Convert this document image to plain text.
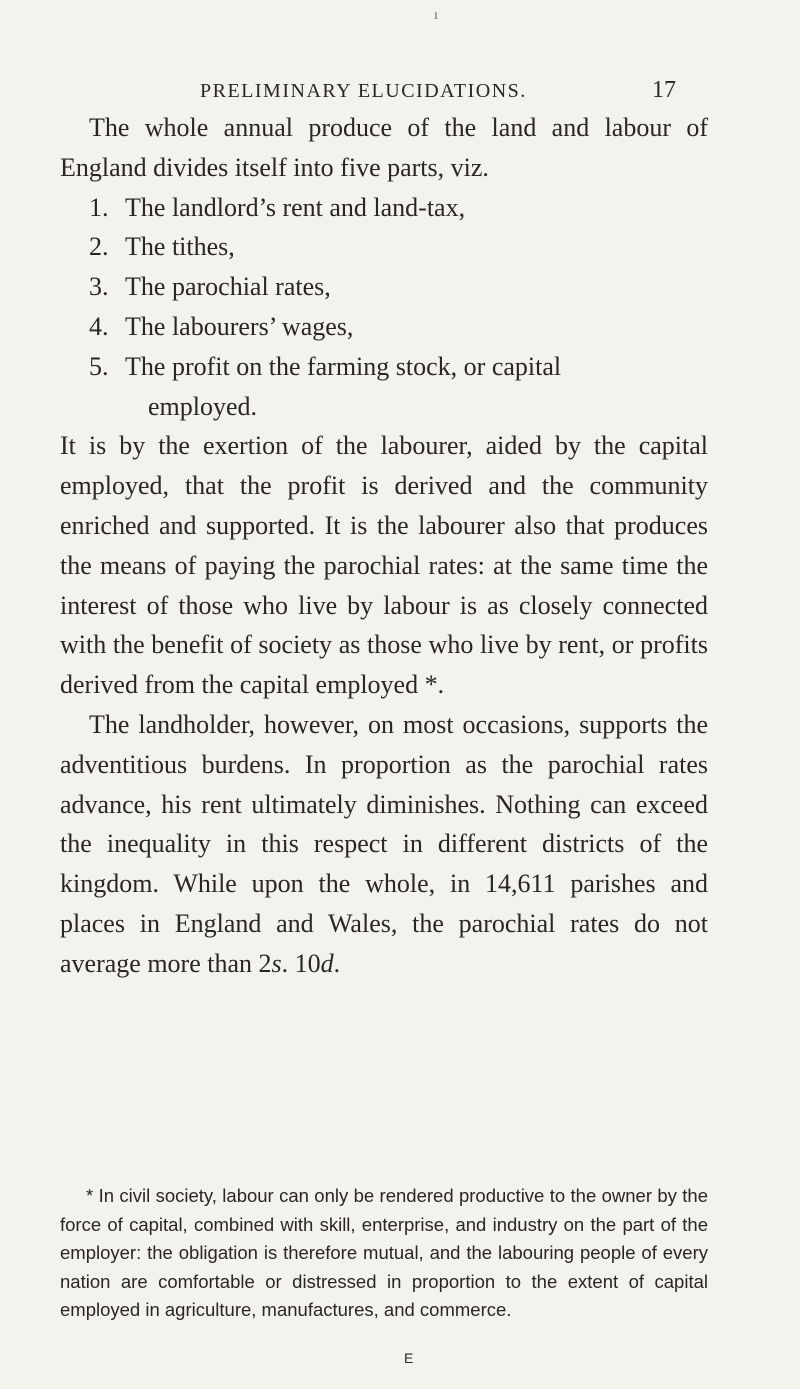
ı
PRELIMINARY ELUCIDATIONS.	17

The whole annual produce of the land and labour of England divides itself into five parts, viz.

1. The landlord’s rent and land-tax,

2. The tithes,

3. The parochial rates,

4. The labourers’ wages,

5. The profit on the farming stock, or capital

employed.

It is by the exertion of the labourer, aided by the capital employed, that the profit is derived and the community enriched and supported. It is the labourer also that produces the means of paying the parochial rates: at the same time the interest of those who live by labour is as closely connected with the benefit of society as those who live by rent, or profits derived from the capital employed *.

The landholder, however, on most occasions, supports the adventitious burdens. In proportion as the parochial rates advance, his rent ultimately diminishes. Nothing can exceed the inequality in this respect in different districts of the kingdom. While upon the whole, in 14,611 parishes and places in England and Wales, the parochial rates do not average more than 2s. 10d.

* In civil society, labour can only be rendered productive to the owner by the force of capital, combined with skill, enterprise, and industry on the part of the employer: the obligation is therefore mutual, and the labouring people of every nation are comfortable or distressed in proportion to the extent of capital employed in agriculture, manufactures, and commerce.

E
